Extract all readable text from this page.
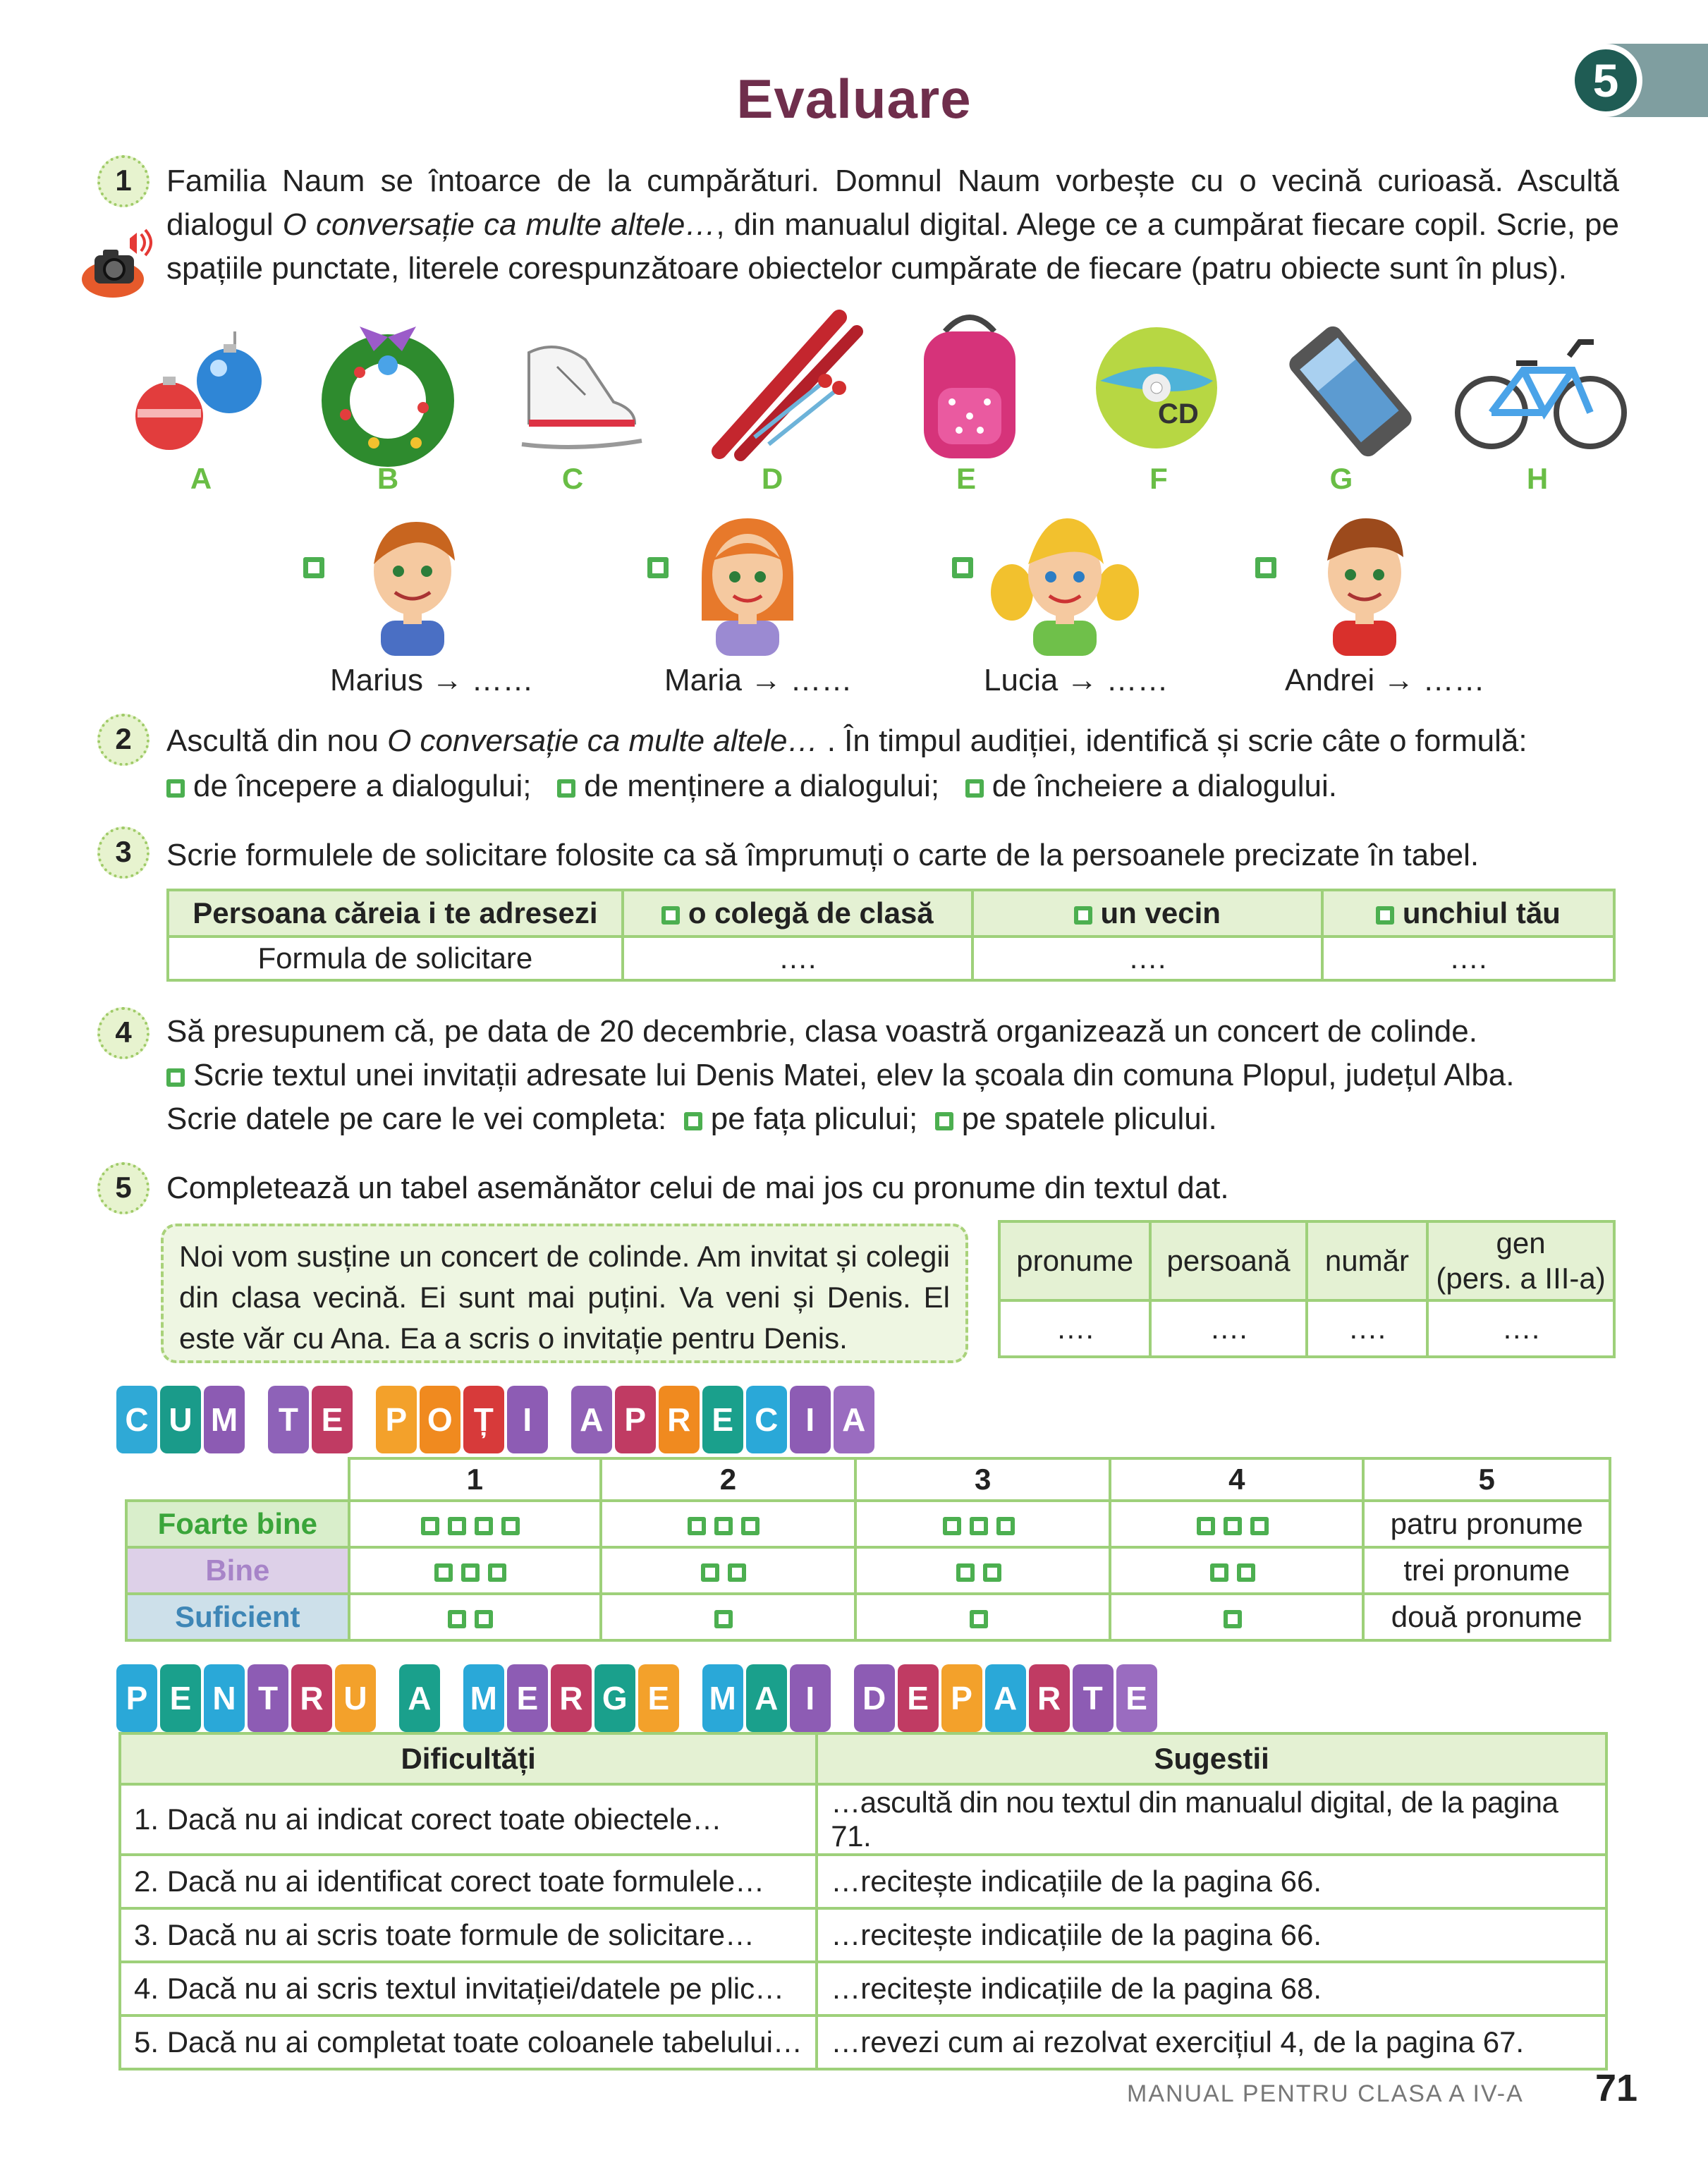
5
Evaluare
1	Familia Naum se întoarce de la cumpărături. Domnul Naum vorbește cu o vecină curioasă. Ascultă dialogul O conversație ca multe altele…, din manualul digital. Alege ce a cumpărat fiecare copil. Scrie, pe spațiile punctate, literele corespunzătoare obiectelor cumpărate de fiecare (patru obiecte sunt în plus).
CD
A	B	C	D	E	F	G	H
Marius → ……	Maria → ……	Lucia → ……	Andrei → ……
2	Ascultă din nou O conversație ca multe altele… . În timpul audiției, identifică și scrie câte o formulă:
de începere a dialogului; de menținere a dialogului; de încheiere a dialogului.
3	Scrie formulele de solicitare folosite ca să împrumuți o carte de la persoanele precizate în tabel.
Persoana căreia i te adresezi	o colegă de clasă	un vecin	unchiul tău
Formula de solicitare	….	….	….
4	Să presupunem că, pe data de 20 decembrie, clasa voastră organizează un concert de colinde.
Scrie textul unei invitații adresate lui Denis Matei, elev la școala din comuna Plopul, județul Alba.
Scrie datele pe care le vei completa: pe fața plicului; pe spatele plicului.
5	Completează un tabel asemănător celui de mai jos cu pronume din textul dat.
Noi vom susține un concert de colinde. Am invitat și colegii din clasa vecină. Ei sunt mai puțini. Va veni și Denis. El este văr cu Ana. Ea a scris o invitație pentru Denis.
pronume	persoană	număr	gen
(pers. a III-a)
….	….	….	….
C U M T E P O Ț I A P R E C I A
	1	2	3	4	5
Foarte bine					patru pronume
Bine					trei pronume
Suficient					două pronume
P E N T R U A M E R G E M A I D E P A R T E
Dificultăți	Sugestii
1. Dacă nu ai indicat corect toate obiectele…	…ascultă din nou textul din manualul digital, de la pagina 71.
2. Dacă nu ai identificat corect toate formulele…	…recitește indicațiile de la pagina 66.
3. Dacă nu ai scris toate formule de solicitare…	…recitește indicațiile de la pagina 66.
4. Dacă nu ai scris textul invitației/datele pe plic…	…recitește indicațiile de la pagina 68.
5. Dacă nu ai completat toate coloanele tabelului…	…revezi cum ai rezolvat exercițiul 4, de la pagina 67.
MANUAL PENTRU CLASA A IV-A 71
